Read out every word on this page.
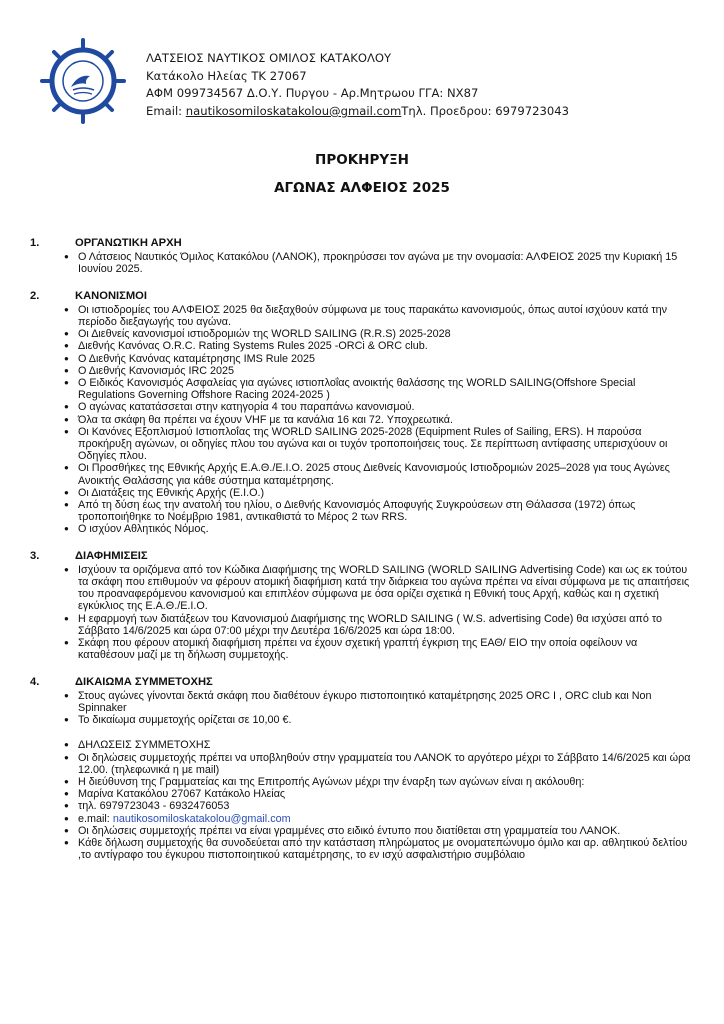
ΛΑΤΣΕΙΟΣ ΝΑΥΤΙΚΟΣ ΟΜΙΛΟΣ ΚΑΤΑΚΟΛΟΥ
Κατάκολο Ηλείας ΤΚ 27067
ΑΦΜ 099734567 Δ.Ο.Υ. Πυργου - Αρ.Μητρωου ΓΓΑ: ΝΧ87
Email: nautikosomiloskatakolou@gmail.comΤηλ. Προεδρου: 6979723043
ΠΡΟΚΗΡΥΞΗ
ΑΓΩΝΑΣ ΑΛΦΕΙΟΣ 2025
1.	ΟΡΓΑΝΩΤΙΚΗ ΑΡΧΗ
● Ο Λάτσειος Ναυτικός Όμιλος Κατακόλου (ΛΑΝΟΚ), προκηρύσσει τον αγώνα με την ονομασία: ΑΛΦΕΙΟΣ 2025 την Κυριακή 15 Ιουνίου 2025.
2.	ΚΑΝΟΝΙΣΜΟΙ
● Οι ιστιοδρομίες του ΑΛΦΕΙΟΣ 2025 θα διεξαχθούν σύμφωνα με τους παρακάτω κανονισμούς, όπως αυτοί ισχύουν κατά την περίοδο διεξαγωγής του αγώνα.
● Οι Διεθνείς κανονισμοί ιστιοδρομιών της WORLD SAILING (R.R.S) 2025-2028
● Διεθνής Κανόνας O.R.C. Rating Systems Rules 2025 -ORCi & ORC club.
● Ο Διεθνής Κανόνας καταμέτρησης IMS Rule 2025
● Ο Διεθνής Κανονισμός IRC 2025
● Ο Ειδικός Κανονισμός Ασφαλείας για αγώνες ιστιοπλοΐας ανοικτής θαλάσσης της WORLD SAILING(Offshore Special Regulations Governing Offshore Racing 2024-2025 )
● Ο αγώνας κατατάσσεται στην κατηγορία 4 του παραπάνω κανονισμού.
● Όλα τα σκάφη θα πρέπει να έχουν VHF με τα κανάλια 16 και 72. Υποχρεωτικά.
● Οι Κανόνες Εξοπλισμού Ιστιοπλοΐας της WORLD SAILING 2025-2028 (Equipment Rules of Sailing, ERS). Η παρούσα προκήρυξη αγώνων, οι οδηγίες πλου του αγώνα και οι τυχόν τροποποιήσεις τους. Σε περίπτωση αντίφασης υπερισχύουν οι Οδηγίες πλου.
● Οι Προσθήκες της Εθνικής Αρχής Ε.Α.Θ./Ε.Ι.Ο. 2025 στους Διεθνείς Κανονισμούς Ιστιοδρομιών 2025–2028 για τους Αγώνες Ανοικτής Θαλάσσης για κάθε σύστημα καταμέτρησης.
● Οι Διατάξεις της Εθνικής Αρχής (Ε.Ι.Ο.)
● Από τη δύση έως την ανατολή του ηλίου, ο Διεθνής Κανονισμός Αποφυγής Συγκρούσεων στη Θάλασσα (1972) όπως τροποποιήθηκε το Νοέμβριο 1981, αντικαθιστά το Μέρος 2 των RRS.
● Ο ισχύον Αθλητικός Νόμος.
3.	ΔΙΑΦΗΜΙΣΕΙΣ
● Ισχύουν τα οριζόμενα από τον Κώδικα Διαφήμισης της WORLD SAILING (WORLD SAILING Advertising Code) και ως εκ τούτου τα σκάφη που επιθυμούν να φέρουν ατομική διαφήμιση κατά την διάρκεια του αγώνα πρέπει να είναι σύμφωνα με τις απαιτήσεις του προαναφερόμενου κανονισμού και επιπλέον σύμφωνα με όσα ορίζει σχετικά η Εθνική τους Αρχή, καθώς και η σχετική εγκύκλιος της Ε.Α.Θ./Ε.Ι.Ο.
● Η εφαρμογή των διατάξεων του Κανονισμού Διαφήμισης της WORLD SAILING ( W.S. advertising Code) θα ισχύσει από το Σάββατο 14/6/2025 και ώρα 07:00 μέχρι την Δευτέρα 16/6/2025 και ώρα 18:00.
● Σκάφη που φέρουν ατομική διαφήμιση πρέπει να έχουν σχετική γραπτή έγκριση της ΕΑΘ/ ΕΙΟ την οποία οφείλουν να καταθέσουν μαζί με τη δήλωση συμμετοχής.
4.	ΔΙΚΑΙΩΜΑ ΣΥΜΜΕΤΟΧΗΣ
● Στους αγώνες γίνονται δεκτά σκάφη που διαθέτουν έγκυρο πιστοποιητικό καταμέτρησης 2025 ORC I , ORC club και Non Spinnaker
● Το δικαίωμα συμμετοχής ορίζεται σε 10,00 €.
● ΔΗΛΩΣΕΙΣ ΣΥΜΜΕΤΟΧΗΣ
● Οι δηλώσεις συμμετοχής πρέπει να υποβληθούν στην γραμματεία του ΛΑΝΟΚ το αργότερο μέχρι το Σάββατο 14/6/2025 και ώρα 12.00. (τηλεφωνικά η με mail)
● Η διεύθυνση της Γραμματείας και της Επιτροπής Αγώνων μέχρι την έναρξη των αγώνων είναι η ακόλουθη:
● Μαρίνα Κατακόλου 27067 Κατάκολο Ηλείας
● τηλ. 6979723043 - 6932476053
● e.mail: nautikosomiloskatakolou@gmail.com
● Οι δηλώσεις συμμετοχής πρέπει να είναι γραμμένες στο ειδικό έντυπο που διατίθεται στη γραμματεία του ΛΑΝΟΚ.
● Κάθε δήλωση συμμετοχής θα συνοδεύεται από την κατάσταση πληρώματος με ονοματεπώνυμο όμιλο και αρ. αθλητικού δελτίου ,το αντίγραφο του έγκυρου πιστοποιητικού καταμέτρησης, το εν ισχύ ασφαλιστήριο συμβόλαιο
